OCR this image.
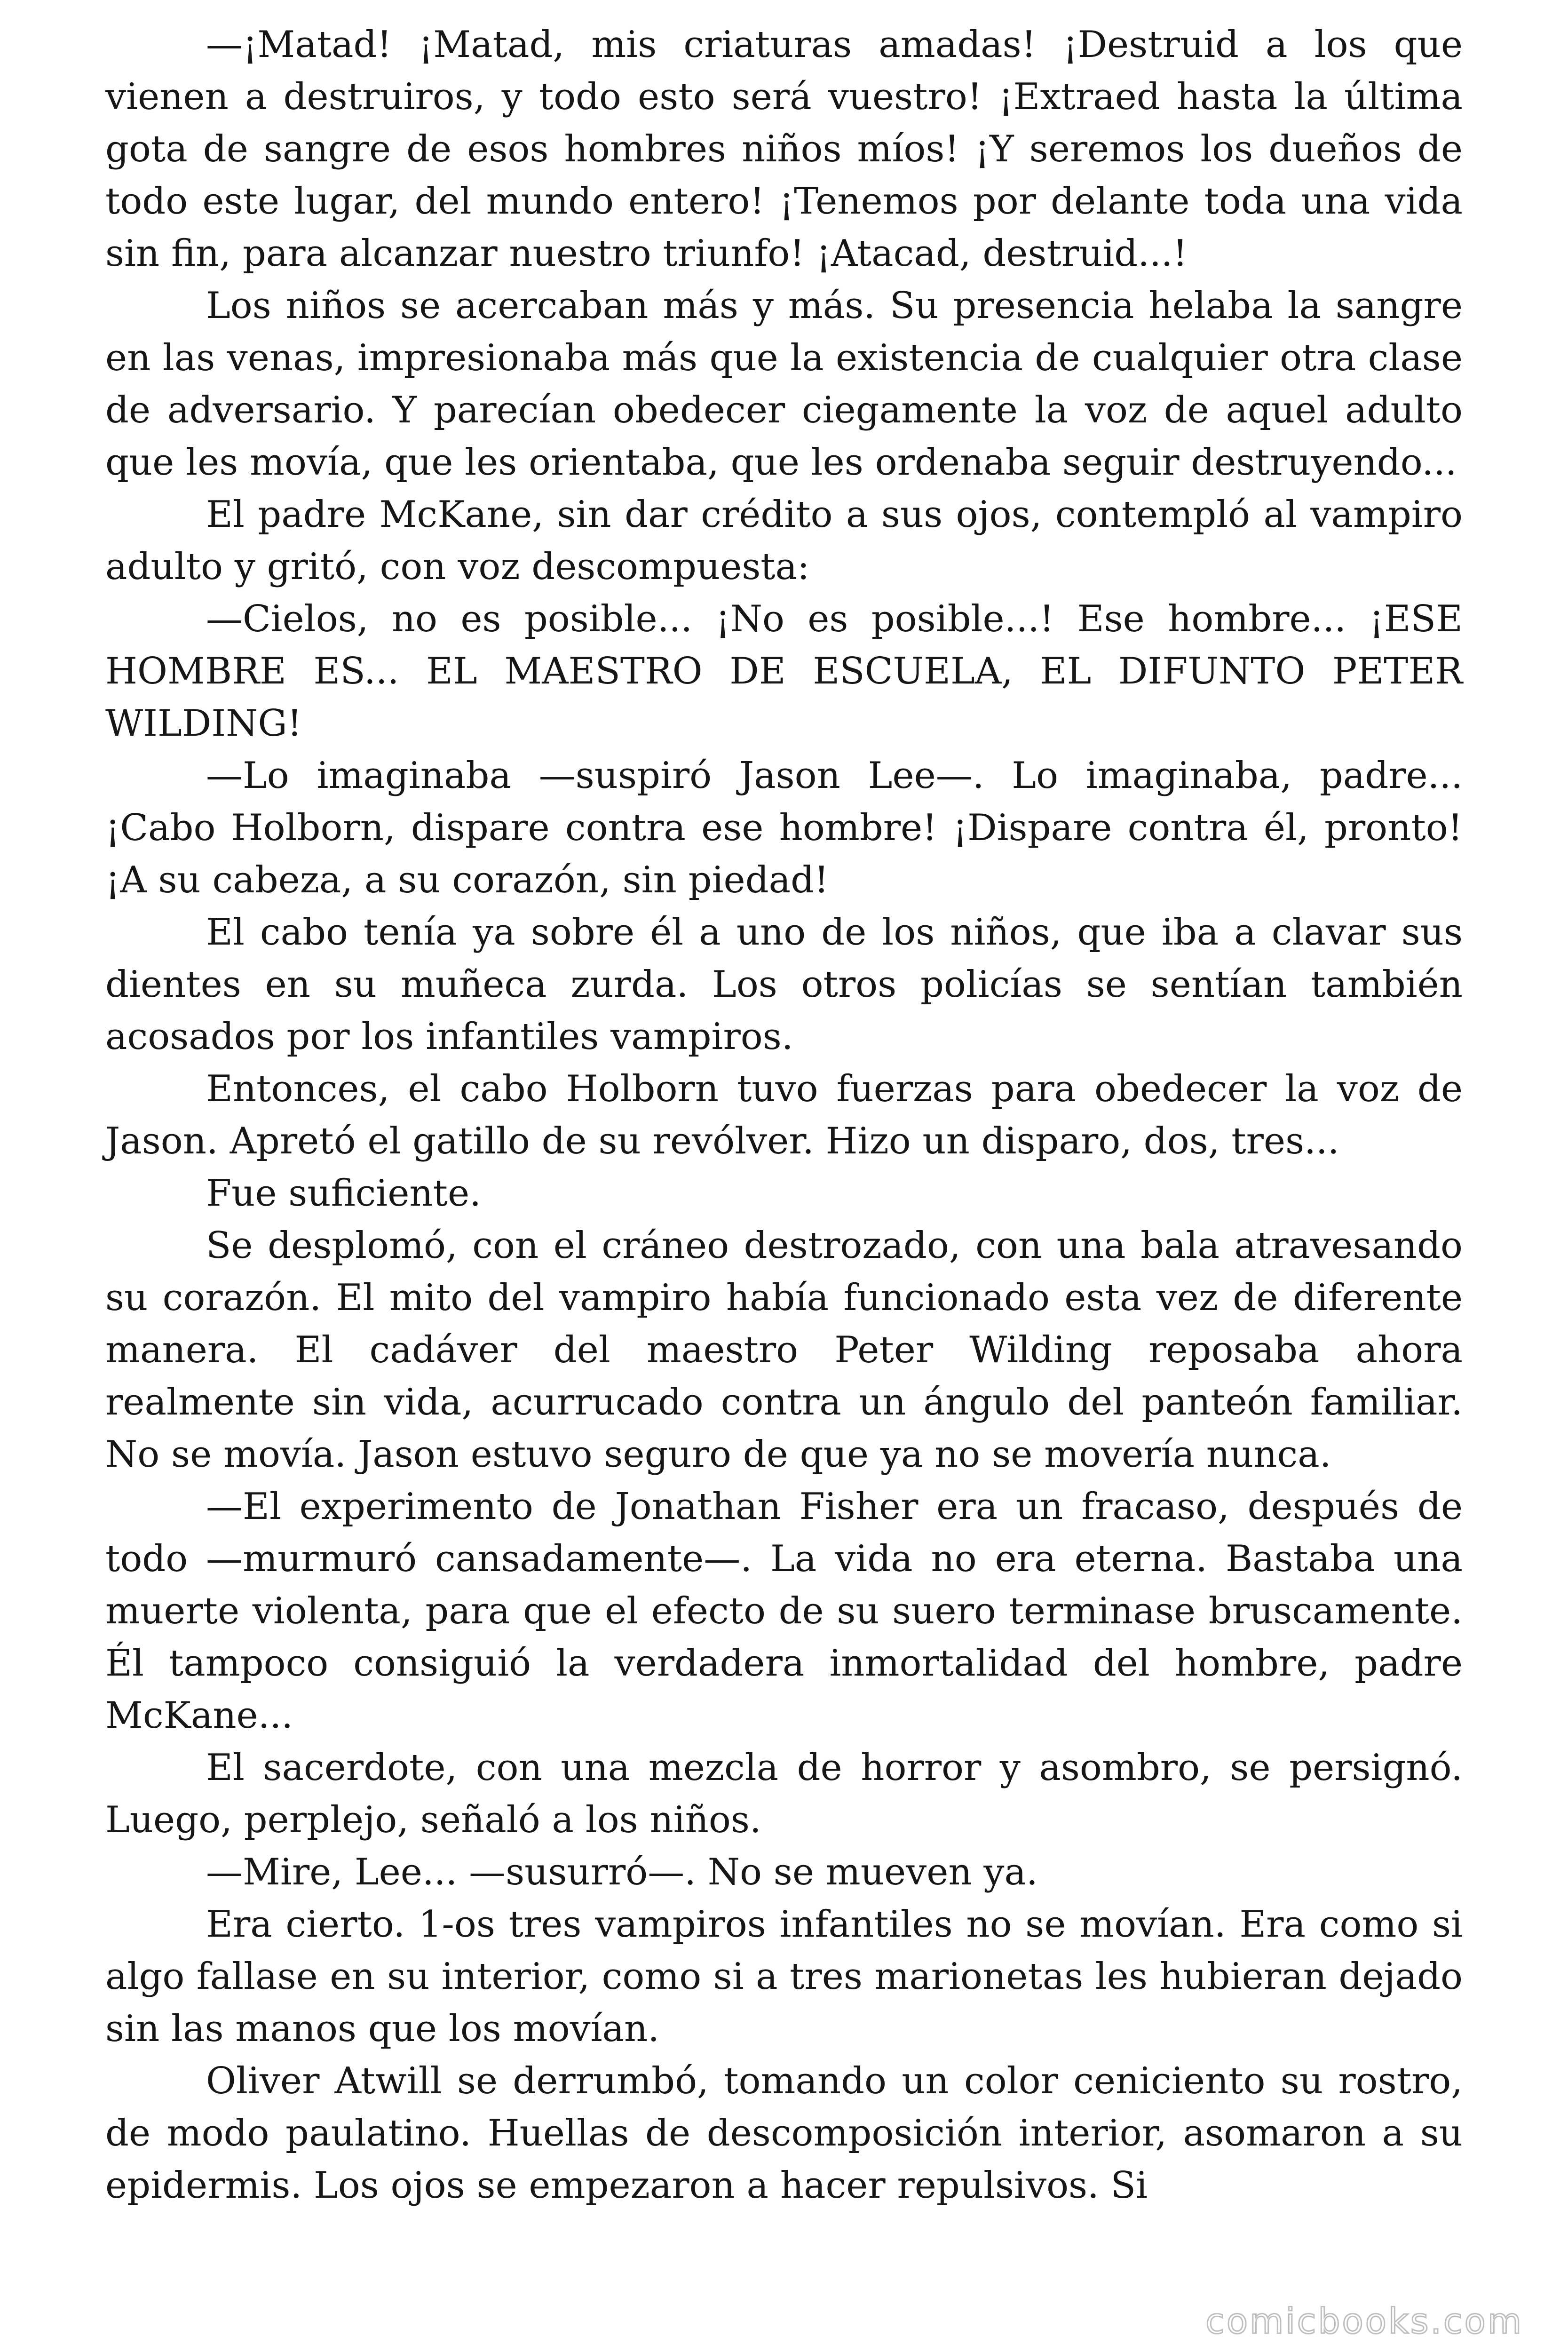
—¡Matad! ¡Matad, mis criaturas amadas! ¡Destruid a los que vienen a destruiros, y todo esto será vuestro! ¡Extraed hasta la última gota de sangre de esos hombres niños míos! ¡Y seremos los dueños de todo este lugar, del mundo entero! ¡Tenemos por delante toda una vida sin fin, para alcanzar nuestro triunfo! ¡Atacad, destruid...!

Los niños se acercaban más y más. Su presencia helaba la sangre en las venas, impresionaba más que la existencia de cualquier otra clase de adversario. Y parecían obedecer ciegamente la voz de aquel adulto que les movía, que les orientaba, que les ordenaba seguir destruyendo...

El padre McKane, sin dar crédito a sus ojos, contempló al vampiro adulto y gritó, con voz descompuesta:

—Cielos, no es posible... ¡No es posible...! Ese hombre... ¡ESE HOMBRE ES... EL MAESTRO DE ESCUELA, EL DIFUNTO PETER WILDING!

—Lo imaginaba —suspiró Jason Lee—. Lo imaginaba, padre... ¡Cabo Holborn, dispare contra ese hombre! ¡Dispare contra él, pronto! ¡A su cabeza, a su corazón, sin piedad!

El cabo tenía ya sobre él a uno de los niños, que iba a clavar sus dientes en su muñeca zurda. Los otros policías se sentían también acosados por los infantiles vampiros.

Entonces, el cabo Holborn tuvo fuerzas para obedecer la voz de Jason. Apretó el gatillo de su revólver. Hizo un disparo, dos, tres...

Fue suficiente.

Se desplomó, con el cráneo destrozado, con una bala atravesando su corazón. El mito del vampiro había funcionado esta vez de diferente manera. El cadáver del maestro Peter Wilding reposaba ahora realmente sin vida, acurrucado contra un ángulo del panteón familiar. No se movía. Jason estuvo seguro de que ya no se movería nunca.

—El experimento de Jonathan Fisher era un fracaso, después de todo —murmuró cansadamente—. La vida no era eterna. Bastaba una muerte violenta, para que el efecto de su suero terminase bruscamente. Él tampoco consiguió la verdadera inmortalidad del hombre, padre McKane...

El sacerdote, con una mezcla de horror y asombro, se persignó. Luego, perplejo, señaló a los niños.

—Mire, Lee... —susurró—. No se mueven ya.

Era cierto. 1-os tres vampiros infantiles no se movían. Era como si algo fallase en su interior, como si a tres marionetas les hubieran dejado sin las manos que los movían.

Oliver Atwill se derrumbó, tomando un color ceniciento su rostro, de modo paulatino. Huellas de descomposición interior, asomaron a su epidermis. Los ojos se empezaron a hacer repulsivos. Si

comicbooks.com
